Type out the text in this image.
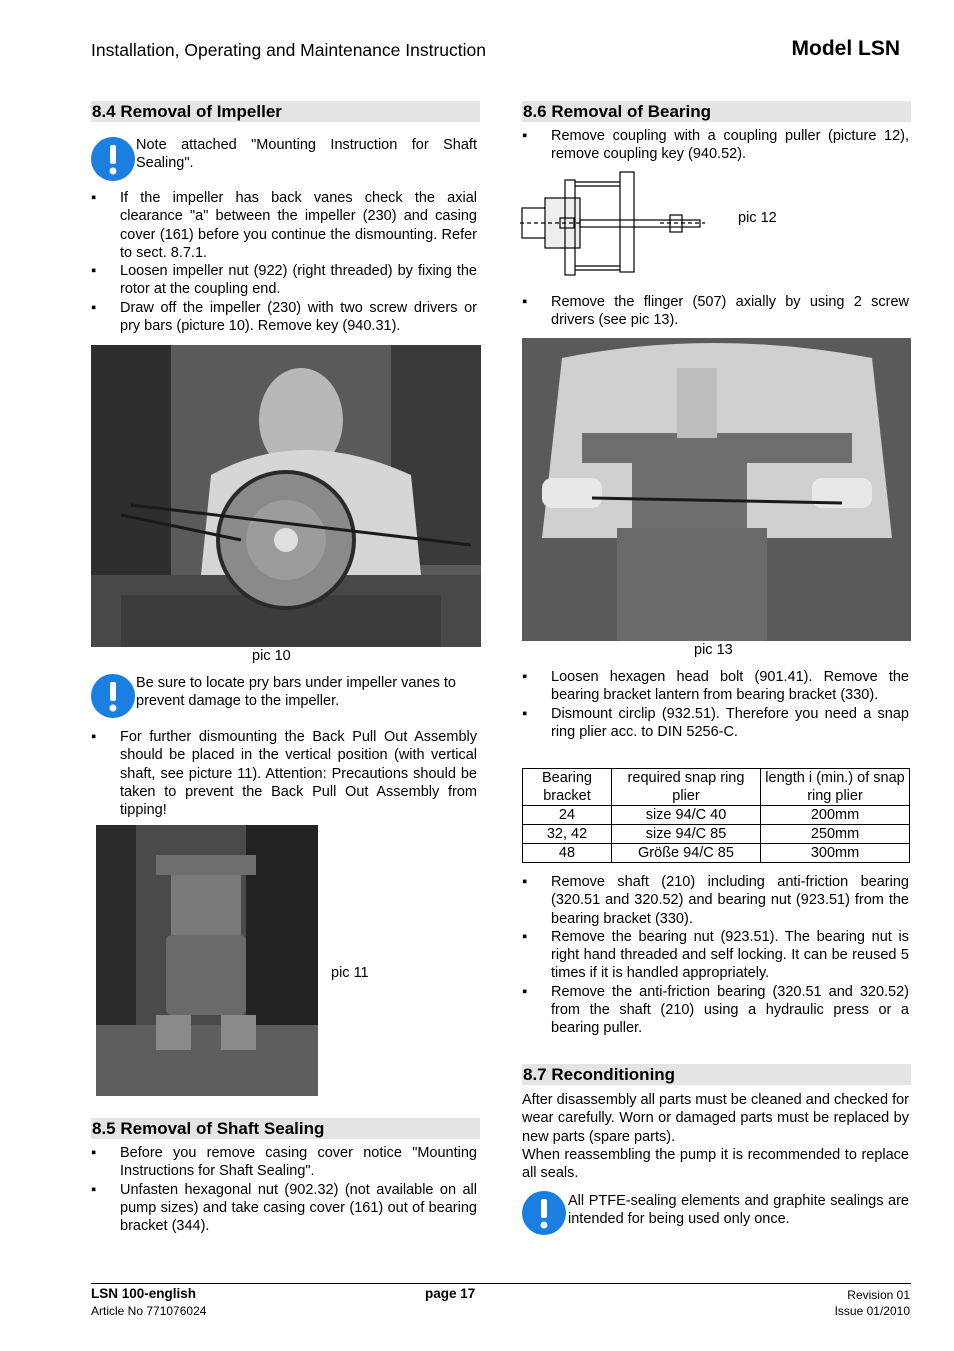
Installation, Operating and Maintenance Instruction	Model LSN
8.4 Removal of Impeller
Note attached "Mounting Instruction for Shaft Sealing".
▪ If the impeller has back vanes check the axial clearance "a" between the impeller (230) and casing cover (161) before you continue the dismounting. Refer to sect. 8.7.1.
▪ Loosen impeller nut (922) (right threaded) by fixing the rotor at the coupling end.
▪ Draw off the impeller (230) with two screw drivers or pry bars (picture 10). Remove key (940.31).
pic 10
Be sure to locate pry bars under impeller vanes to prevent damage to the impeller.
▪ For further dismounting the Back Pull Out Assembly should be placed in the vertical position (with vertical shaft, see picture 11). Attention: Precautions should be taken to prevent the Back Pull Out Assembly from tipping!
pic 11
8.5 Removal of Shaft Sealing
▪ Before you remove casing cover notice "Mounting Instructions for Shaft Sealing".
▪ Unfasten hexagonal nut (902.32) (not available on all pump sizes) and take casing cover (161) out of bearing bracket (344).
8.6 Removal of Bearing
▪ Remove coupling with a coupling puller (picture 12), remove coupling key (940.52).
pic 12
▪ Remove the flinger (507) axially by using 2 screw drivers (see pic 13).
pic 13
▪ Loosen hexagen head bolt (901.41). Remove the bearing bracket lantern from bearing bracket (330).
▪ Dismount circlip (932.51). Therefore you need a snap ring plier acc. to DIN 5256-C.
Bearing bracket	required snap ring plier	length i (min.) of snap ring plier
24	size 94/C 40	200mm
32, 42	size 94/C 85	250mm
48	Größe 94/C 85	300mm
▪ Remove shaft (210) including anti-friction bearing (320.51 and 320.52) and bearing nut (923.51) from the bearing bracket (330).
▪ Remove the bearing nut (923.51). The bearing nut is right hand threaded and self locking. It can be reused 5 times if it is handled appropriately.
▪ Remove the anti-friction bearing (320.51 and 320.52) from the shaft (210) using a hydraulic press or a bearing puller.
8.7 Reconditioning
After disassembly all parts must be cleaned and checked for wear carefully. Worn or damaged parts must be replaced by new parts (spare parts).
When reassembling the pump it is recommended to replace all seals.
All PTFE-sealing elements and graphite sealings are intended for being used only once.
LSN 100-english
Article No 771076024
page 17	Revision 01
Issue 01/2010
